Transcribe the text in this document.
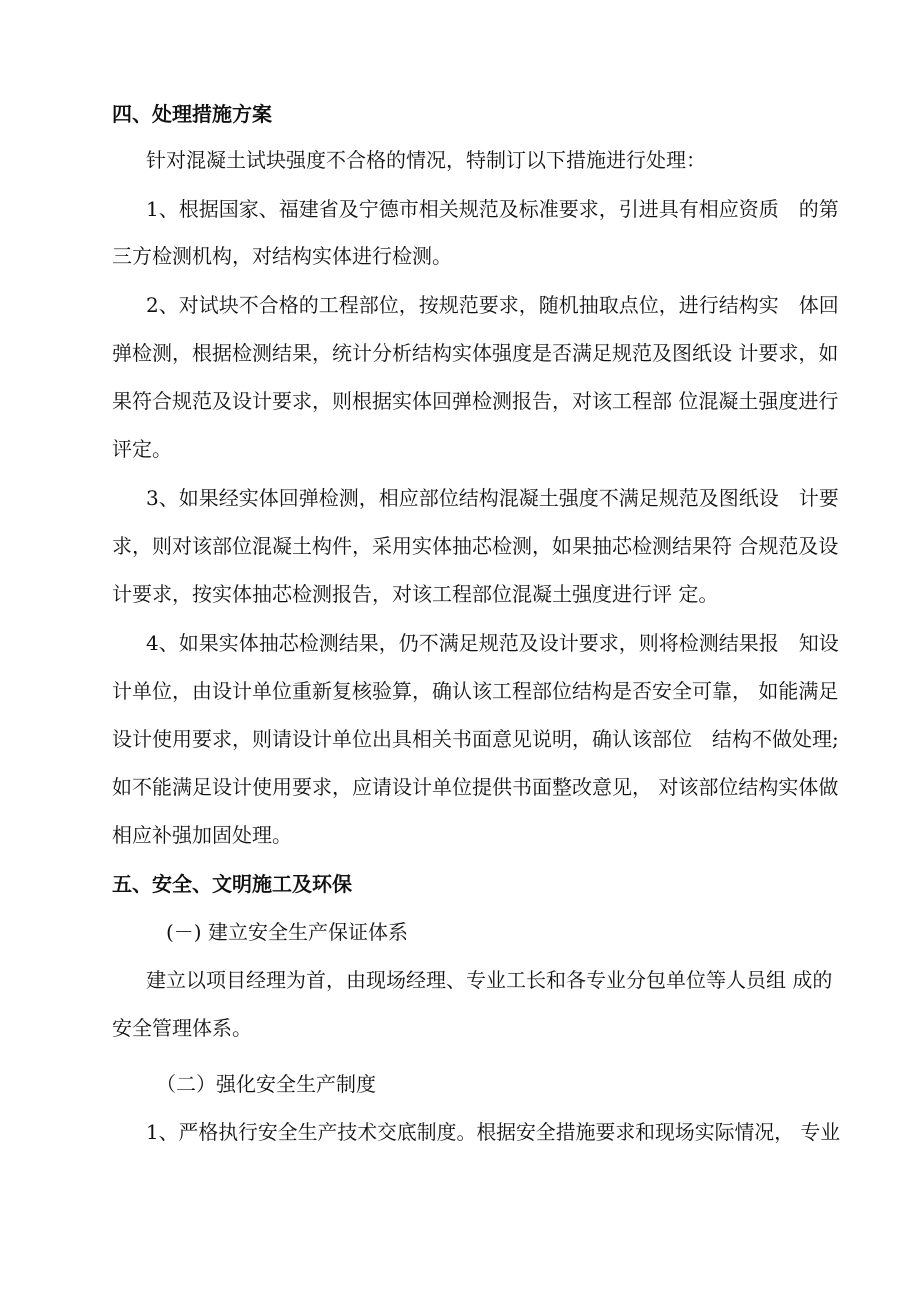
四、处理措施方案

针对混凝土试块强度不合格的情况，特制订以下措施进行处理：

1、根据国家、福建省及宁德市相关规范及标准要求，引进具有相应资质　的第

三方检测机构，对结构实体进行检测。

2、对试块不合格的工程部位，按规范要求，随机抽取点位，进行结构实　体回

弹检测，根据检测结果，统计分析结构实体强度是否满足规范及图纸设 计要求，如

果符合规范及设计要求，则根据实体回弹检测报告，对该工程部 位混凝土强度进行

评定。

3、如果经实体回弹检测，相应部位结构混凝土强度不满足规范及图纸设　计要

求，则对该部位混凝土构件，采用实体抽芯检测，如果抽芯检测结果符 合规范及设

计要求，按实体抽芯检测报告，对该工程部位混凝土强度进行评 定。

4、如果实体抽芯检测结果，仍不满足规范及设计要求，则将检测结果报　知设

计单位，由设计单位重新复核验算，确认该工程部位结构是否安全可靠， 如能满足

设计使用要求，则请设计单位出具相关书面意见说明，确认该部位　结构不做处理;

如不能满足设计使用要求，应请设计单位提供书面整改意见， 对该部位结构实体做

相应补强加固处理。

五、安全、文明施工及环保

(－) 建立安全生产保证体系

建立以项目经理为首，由现场经理、专业工长和各专业分包单位等人员组 成的

安全管理体系。

（二）强化安全生产制度

1、严格执行安全生产技术交底制度。根据安全措施要求和现场实际情况， 专业
